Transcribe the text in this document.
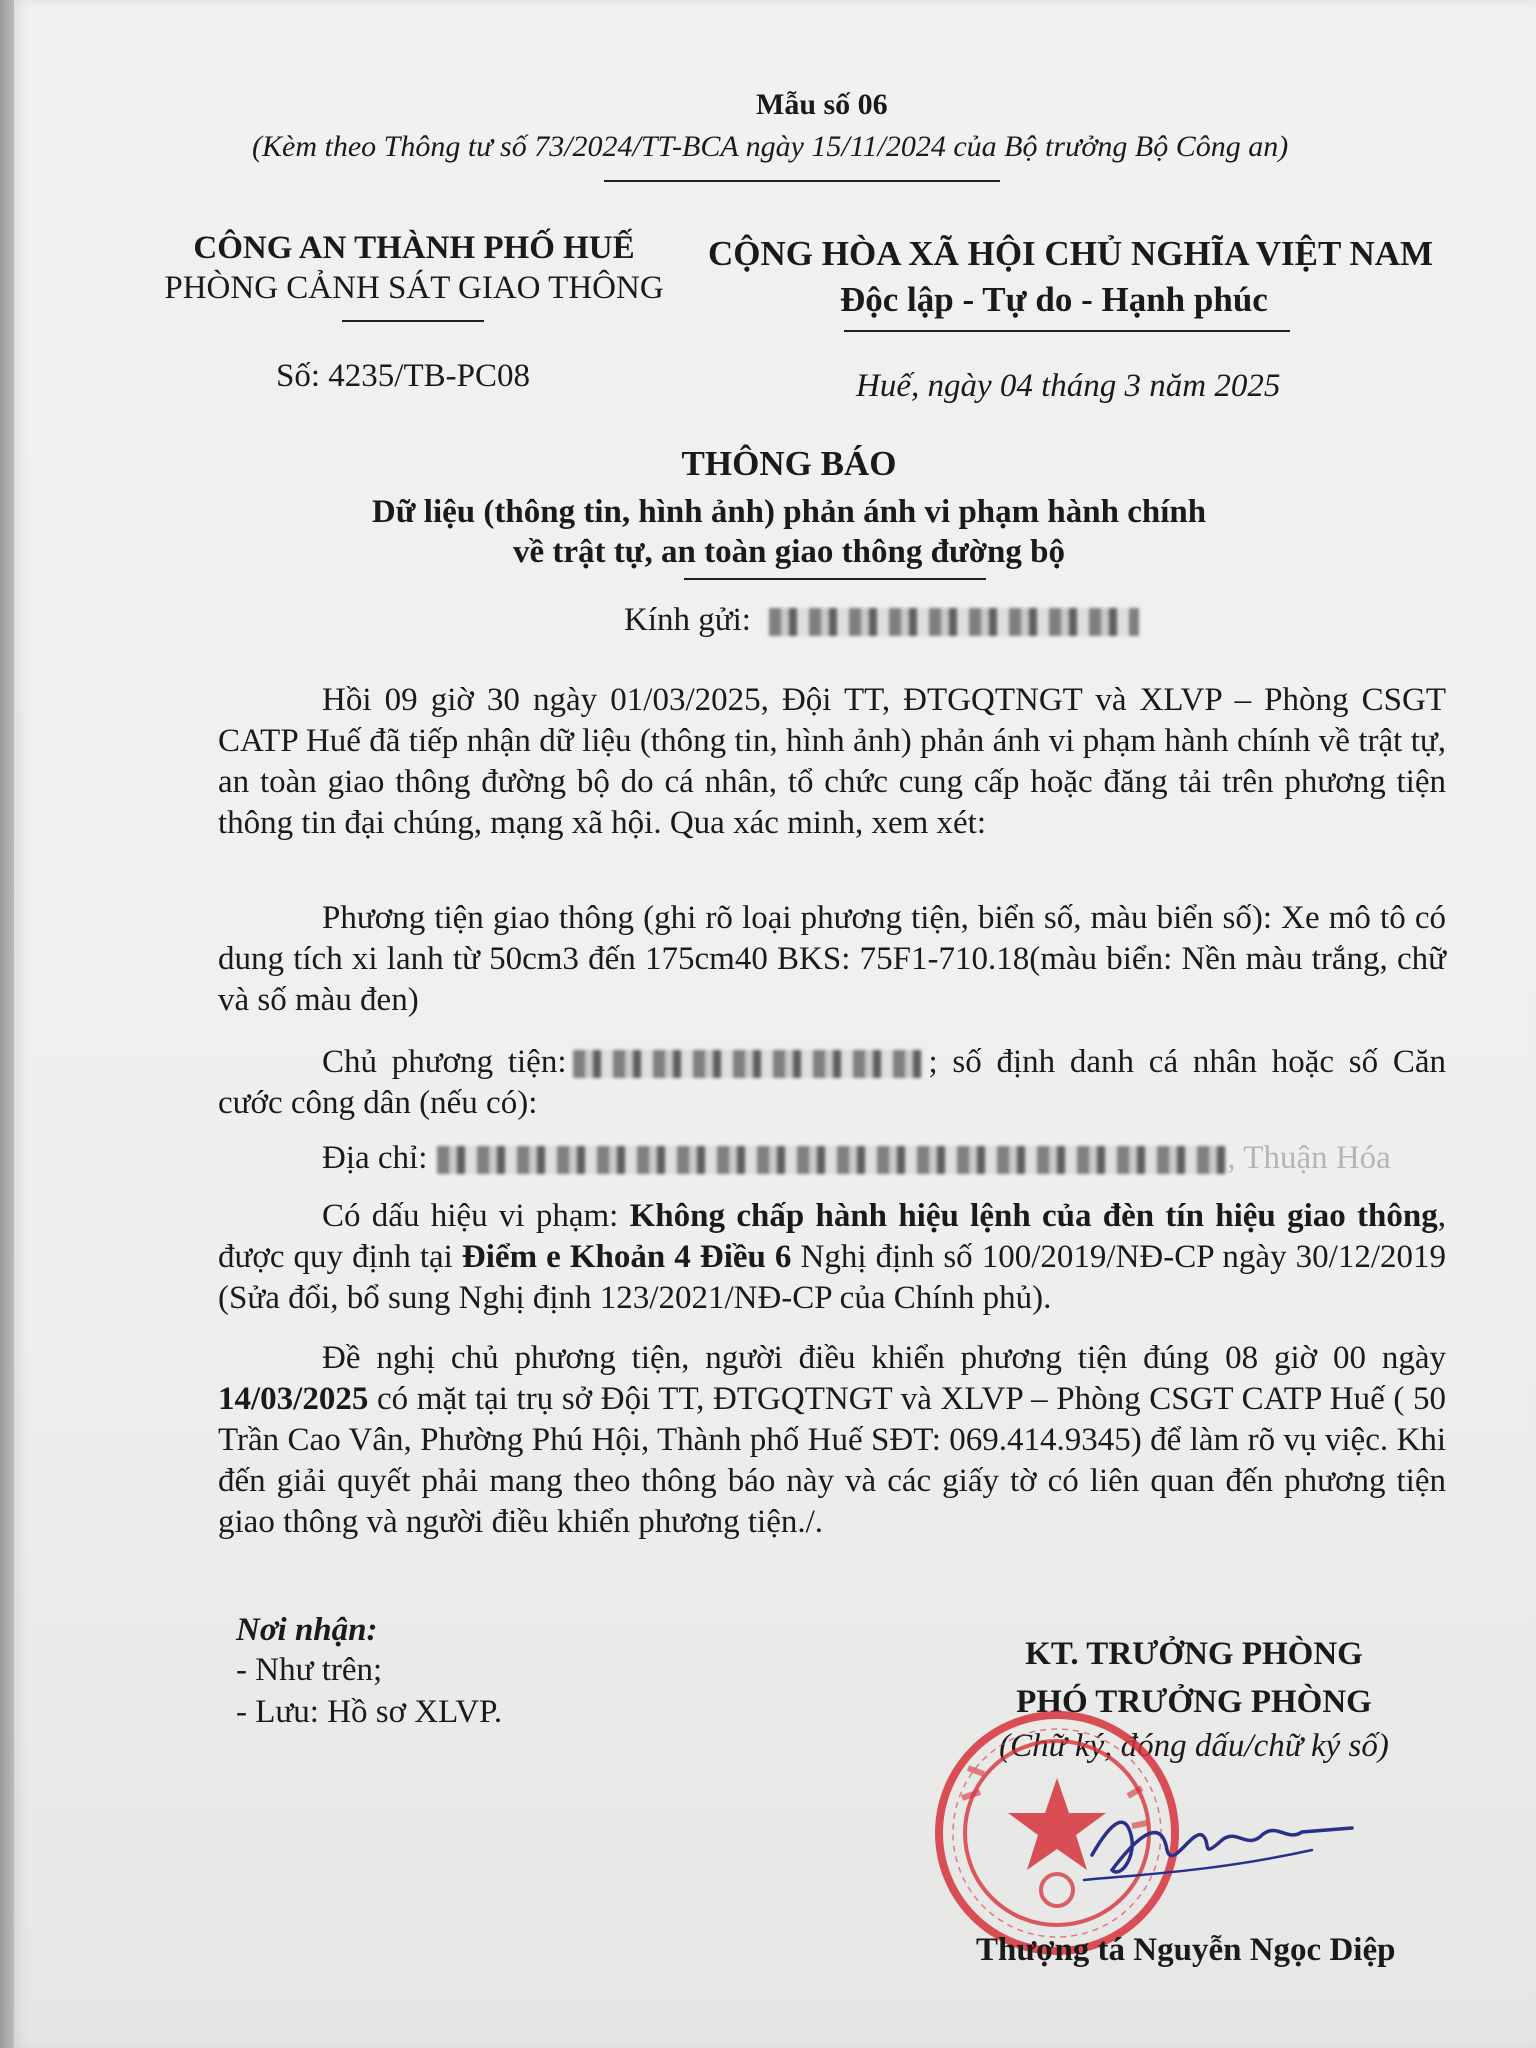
Mẫu số 06
(Kèm theo Thông tư số 73/2024/TT-BCA ngày 15/11/2024 của Bộ trưởng Bộ Công an)
CÔNG AN THÀNH PHỐ HUẾ
PHÒNG CẢNH SÁT GIAO THÔNG
Số: 4235/TB-PC08
CỘNG HÒA XÃ HỘI CHỦ NGHĨA VIỆT NAM
Độc lập - Tự do - Hạnh phúc
Huế, ngày 04 tháng 3 năm 2025
THÔNG BÁO
Dữ liệu (thông tin, hình ảnh) phản ánh vi phạm hành chính
về trật tự, an toàn giao thông đường bộ
Kính gửi:

Hồi 09 giờ 30 ngày 01/03/2025, Đội TT, ĐTGQTNGT và XLVP – Phòng CSGT CATP Huế đã tiếp nhận dữ liệu (thông tin, hình ảnh) phản ánh vi phạm hành chính về trật tự, an toàn giao thông đường bộ do cá nhân, tổ chức cung cấp hoặc đăng tải trên phương tiện thông tin đại chúng, mạng xã hội. Qua xác minh, xem xét:

Phương tiện giao thông (ghi rõ loại phương tiện, biển số, màu biển số): Xe mô tô có dung tích xi lanh từ 50cm3 đến 175cm40 BKS: 75F1-710.18(màu biển: Nền màu trắng, chữ và số màu đen)

Chủ phương tiện:	; số định danh cá nhân hoặc số Căn cước công dân (nếu có):

Địa chỉ:	, Thuận Hóa

Có dấu hiệu vi phạm: Không chấp hành hiệu lệnh của đèn tín hiệu giao thông, được quy định tại Điểm e Khoản 4 Điều 6 Nghị định số 100/2019/NĐ-CP ngày 30/12/2019 (Sửa đổi, bổ sung Nghị định 123/2021/NĐ-CP của Chính phủ).

Đề nghị chủ phương tiện, người điều khiển phương tiện đúng 08 giờ 00 ngày 14/03/2025 có mặt tại trụ sở Đội TT, ĐTGQTNGT và XLVP – Phòng CSGT CATP Huế ( 50 Trần Cao Vân, Phường Phú Hội, Thành phố Huế SĐT: 069.414.9345) để làm rõ vụ việc. Khi đến giải quyết phải mang theo thông báo này và các giấy tờ có liên quan đến phương tiện giao thông và người điều khiển phương tiện./.

Nơi nhận:
- Như trên;
- Lưu: Hồ sơ XLVP.
KT. TRƯỞNG PHÒNG
PHÓ TRƯỞNG PHÒNG
(Chữ ký, đóng dấu/chữ ký số)
Thượng tá Nguyễn Ngọc Diệp
